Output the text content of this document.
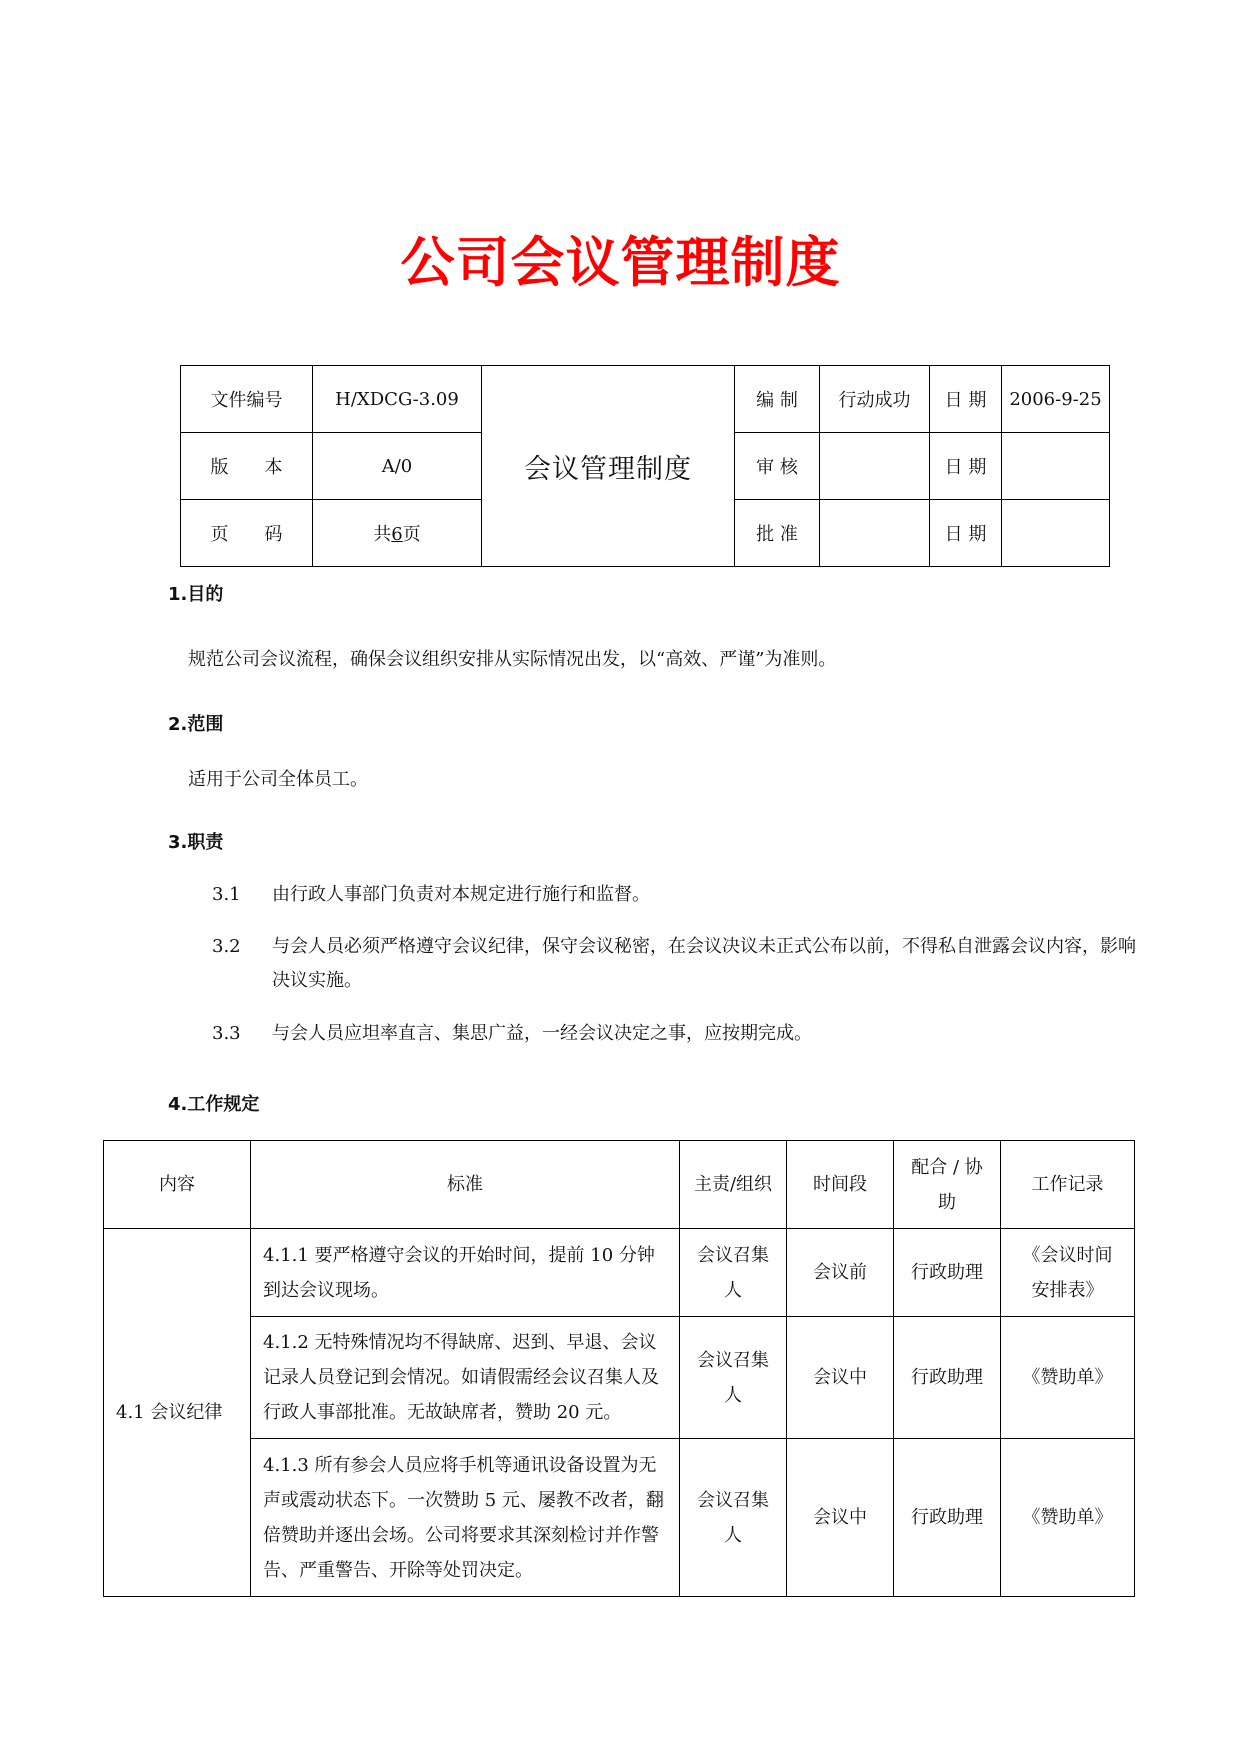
公司会议管理制度
文件编号	H/XDCG-3.09	会议管理制度	编 制	行动成功	日 期	2006-9-25
版　　本	A/0		审 核		日 期	
页　　码	共6页		批 准		日 期	
1.目的
规范公司会议流程，确保会议组织安排从实际情况出发，以“高效、严谨”为准则。
2.范围
适用于公司全体员工。
3.职责
3.1	由行政人事部门负责对本规定进行施行和监督。
3.2	与会人员必须严格遵守会议纪律，保守会议秘密，在会议决议未正式公布以前，不得私自泄露会议内容，影响决议实施。
3.3	与会人员应坦率直言、集思广益，一经会议决定之事，应按期完成。
4.工作规定
内容	标准	主责/组织	时间段	配合 / 协助	工作记录
4.1 会议纪律	4.1.1 要严格遵守会议的开始时间，提前 10 分钟到达会议现场。	会议召集人	会议前	行政助理	《会议时间安排表》
	4.1.2 无特殊情况均不得缺席、迟到、早退、会议记录人员登记到会情况。如请假需经会议召集人及行政人事部批准。无故缺席者，赞助 20 元。	会议召集人	会议中	行政助理	《赞助单》
	4.1.3 所有参会人员应将手机等通讯设备设置为无声或震动状态下。一次赞助 5 元、屡教不改者，翻倍赞助并逐出会场。公司将要求其深刻检讨并作警告、严重警告、开除等处罚决定。	会议召集人	会议中	行政助理	《赞助单》
